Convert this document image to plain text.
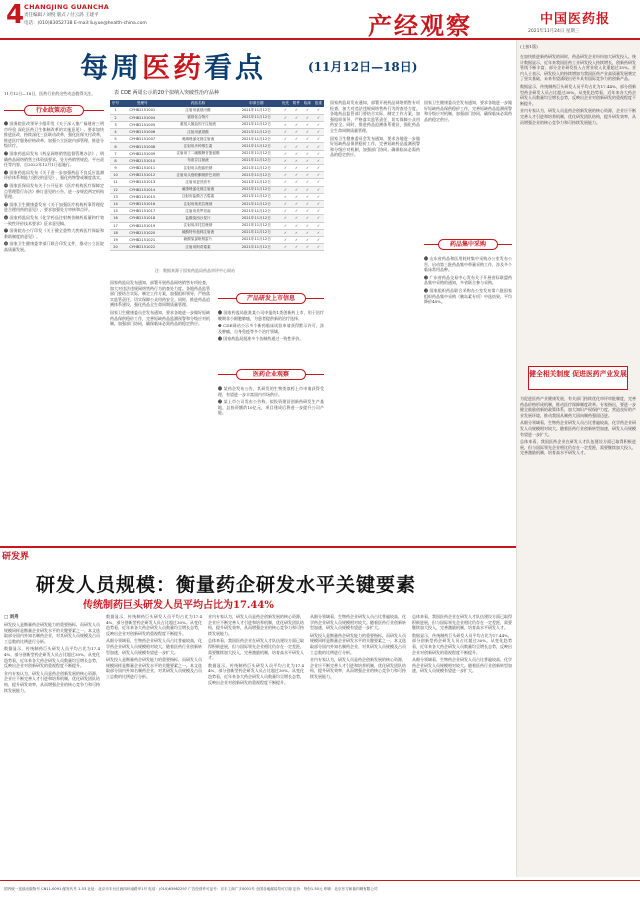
4 CHANGJING GUANCHA
责任编辑 / 刘悦 版式 / 付云鸽 王建平
电话：(010)83052738 E-mail:liuyue@health-china.com	产经观察	中国医药报
2021年11月24日 星期三
每周医药看点	(11月12日—18日)
11月12日—18日，医药行业的这些动态值得关注。
行业政策动态

❶ 国务院医改领导小组印发《关于深入推广福建省三明市经验 深化医药卫生体制改革的实施意见》，要求加快推进医改，持续深化三医联动改革，强化医保支付改革，推进医疗服务价格改革，加强公立医院内部管理，推进分级诊疗。

❷ 国家药监局发布《药品网络销售监督管理办法》，明确药品网络销售主体资质要求、处方药销售规范、平台责任等内容，自2022年12月1日起施行。

❸ 国家药监局发布《关于进一步加强药品不良反应监测评价体系和能力建设的意见》，强化药物警戒制度落实。

❹ 国家医保局发布关于公开征求《医疗机构医疗保障定点管理暂行办法》修订意见的公告，进一步规范两定机构管理。

❺ 国家卫生健康委发布《关于加强医疗机构药事管理促进合理用药的意见》，要求加强处方审核和点评。

❻ 国家药监局发布《化学药品注射剂仿制药质量和疗效一致性评价技术要求》征求意见稿。

❼ 国务院办公厅印发《关于健全重特大疾病医疗保险和救助制度的意见》。

❽ 国家卫生健康委等部门联合印发文件，推动公立医院高质量发展。

表 CDE 两周公示的20个拟纳入突破性治疗品种
序号	受理号	药品名称	申请日期	优先	附件	临床	批准
1	CYHB2151001	注射用氨基丙酸	2021年11月12日	✓	✓	✓	✓
2	CYHB2151004	氨基化合物片	2021年11月12日	✓	✓	✓	✓
3	CYHB2151005	重组人凝血因子注射液	2021年11月12日	✓	✓	✓	✓
4	CYHB2151006	注射用氨基酸	2021年11月12日	✓	✓	✓	✓
5	CYHB2151007	奥硝唑氯化钠注射液	2021年11月12日	✓	✓	✓	✓
6	CYHB2151008	注射用多种维生素	2021年11月12日	✓	✓	✓	✓
7	CYHB2151009	注射用丁二磺酸腺苷蛋氨酸	2021年11月12日	✓	✓	✓	✓
8	CYHB2151010	布洛芬注射液	2021年11月12日	✓	✓	✓	✓
9	CYHB2151011	注射用头孢曲松钠	2021年11月12日	✓	✓	✓	✓
10	CYHB2151012	注射用头孢哌酮钠舒巴坦钠	2021年11月12日	✓	✓	✓	✓
11	CYHB2151013	注射用更昔洛韦	2021年11月12日	✓	✓	✓	✓
12	CYHB2151014	氟康唑氯化钠注射液	2021年11月12日	✓	✓	✓	✓
13	CYHB2151015	注射用盐酸万古霉素	2021年11月12日	✓	✓	✓	✓
14	CYHB2151016	注射用奥美拉唑钠	2021年11月12日	✓	✓	✓	✓
15	CYHB2151017	注射用美罗培南	2021年11月12日	✓	✓	✓	✓
16	CYHB2151018	盐酸莫西沙星片	2021年11月12日	✓	✓	✓	✓
17	CYHB2151019	注射用泮托拉唑钠	2021年11月12日	✓	✓	✓	✓
18	CYHB2151020	硫酸特布他林注射液	2021年11月12日	✓	✓	✓	✓
19	CYHB2151021	硫酸氢氯吡格雷片	2021年11月12日	✓	✓	✓	✓
20	CYHB2151022	注射用阿奇霉素	2021年11月12日	✓	✓	✓	✓
注：数据来源于国家药监局药品审评中心网站

国家药监局发布通知，部署开展药品网络销售专项检查，加大对违法违规网络售药行为的查处力度。各地药品监管部门要结合实际，制定工作方案，加强组织领导，严格落实监管责任，切实保障公众用药安全。同时，推进药品追溯体系建设，强化药品全生命周期质量管理。

国家卫生健康委员会发布通知，要求各地进一步做好短缺药品保供稳价工作，完善短缺药品监测预警和分级应对机制，加强部门协同，确保临床必需药品的稳定供应。

产品研发上市信息

❶ 国家药监局批准某公司申报的1类创新药上市，用于治疗晚期非小细胞肺癌，为患者提供新的治疗选择。

❷ CDE网站公示多个新药临床试验申请获得默示许可，涉及肿瘤、自身免疫等多个治疗领域。

❸ 国家药监局批准多个仿制药通过一致性评价。

医药企业观察

❶ 某药企发布公告，其研发的生物类似药上市申请获得受理，有望进一步丰富国内市场供应。

❷ 某上市公司发布公告称，拟投资建设创新药研发生产基地，总投资额约10亿元，项目建成后将进一步提升公司产能。

国家药监局发布通知，部署开展药品网络销售专项检查，加大对违法违规网络售药行为的查处力度。各地药品监管部门要结合实际，制定工作方案，加强组织领导，严格落实监管责任，切实保障公众用药安全。同时，推进药品追溯体系建设，强化药品全生命周期质量管理。

国家卫生健康委员会发布通知，要求各地进一步做好短缺药品保供稳价工作，完善短缺药品监测预警和分级应对机制，加强部门协同，确保临床必需药品的稳定供应。

药品集中采购

国家卫生健康委员会发布通知，要求各地进一步做好短缺药品保供稳价工作，完善短缺药品监测预警和分级应对机制，加强部门协同，确保临床必需药品的稳定供应。

❶ 山东省药品和医用耗材集中采购办公室发布公告，启动第三批药品集中带量采购工作，涉及多个临床常用品种。

❷ 广东省药品交易中心发布关于开展省际联盟药品集中采购的通知，多省联合参与采购。

❸ 国家组织药品联合采购办公室发布第六批国家组织药品集中采购（胰岛素专项）中选结果，平均降价48%。

(上接1版)

在加快推进新药研发的同时，药品研发企业纷纷加大研发投入。统计数据显示，近年来我国医药工业研发投入持续增长，创新药研发管线不断丰富，部分企业研发投入占营业收入比重超过15%。业内人士表示，研发投入的持续增加为我国医药产业高质量发展奠定了坚实基础，未来有望涌现出更多具有国际竞争力的创新产品。

数据显示，传统制药巨头研发人员平均占比为17.44%，部分创新型药企研发人员占比超过30%。从变化趋势看，近年来各大药企研发人员数量均呈增长态势，反映出企业对创新研发的重视程度不断提升。

业内专家认为，研发人员是药企创新发展的核心资源，企业应不断完善人才引进和培养机制，优化研发团队结构，提升研发效率，从而增强企业的核心竞争力和可持续发展能力。

健全相关制度 促进医药产业发展

为促进医药产业健康发展，有关部门持续优化审评审批制度，完善药品价格形成机制，推动医疗保障制度改革。专家指出，要进一步健全鼓励创新的政策体系，加大知识产权保护力度，营造良好的产业发展环境，推动我国从制药大国向制药强国迈进。

从细分领域看，生物药企业研发人员占比普遍较高，化学药企业研发人员规模相对较大。随着医药行业创新转型加速，研发人员规模有望进一步扩大。

总体来看，我国医药企业在研发人才队伍建设方面已取得积极进展，但与国际领先企业相比仍存在一定差距，需要继续加大投入，完善激励机制，培育高水平研发人才。

研发界
研发人员规模：衡量药企研发水平关键要素
传统制药巨头研发人员平均占比为17.44%
□ 刘舟

研发投入是衡量药企研发能力的重要指标，而研发人员规模同样是衡量企业研发水平的关键要素之一。本文选取部分国内外知名制药企业，对其研发人员规模及占员工总数的比例进行分析。

数据显示，传统制药巨头研发人员平均占比为17.44%，部分创新型药企研发人员占比超过30%。从变化趋势看，近年来各大药企研发人员数量均呈增长态势，反映出企业对创新研发的重视程度不断提升。

业内专家认为，研发人员是药企创新发展的核心资源，企业应不断完善人才引进和培养机制，优化研发团队结构，提升研发效率，从而增强企业的核心竞争力和可持续发展能力。

数据显示，传统制药巨头研发人员平均占比为17.44%，部分创新型药企研发人员占比超过30%。从变化趋势看，近年来各大药企研发人员数量均呈增长态势，反映出企业对创新研发的重视程度不断提升。

从细分领域看，生物药企业研发人员占比普遍较高，化学药企业研发人员规模相对较大。随着医药行业创新转型加速，研发人员规模有望进一步扩大。

研发投入是衡量药企研发能力的重要指标，而研发人员规模同样是衡量企业研发水平的关键要素之一。本文选取部分国内外知名制药企业，对其研发人员规模及占员工总数的比例进行分析。

业内专家认为，研发人员是药企创新发展的核心资源，企业应不断完善人才引进和培养机制，优化研发团队结构，提升研发效率，从而增强企业的核心竞争力和可持续发展能力。

总体来看，我国医药企业在研发人才队伍建设方面已取得积极进展，但与国际领先企业相比仍存在一定差距，需要继续加大投入，完善激励机制，培育高水平研发人才。

数据显示，传统制药巨头研发人员平均占比为17.44%，部分创新型药企研发人员占比超过30%。从变化趋势看，近年来各大药企研发人员数量均呈增长态势，反映出企业对创新研发的重视程度不断提升。

从细分领域看，生物药企业研发人员占比普遍较高，化学药企业研发人员规模相对较大。随着医药行业创新转型加速，研发人员规模有望进一步扩大。

研发投入是衡量药企研发能力的重要指标，而研发人员规模同样是衡量企业研发水平的关键要素之一。本文选取部分国内外知名制药企业，对其研发人员规模及占员工总数的比例进行分析。

业内专家认为，研发人员是药企创新发展的核心资源，企业应不断完善人才引进和培养机制，优化研发团队结构，提升研发效率，从而增强企业的核心竞争力和可持续发展能力。

总体来看，我国医药企业在研发人才队伍建设方面已取得积极进展，但与国际领先企业相比仍存在一定差距，需要继续加大投入，完善激励机制，培育高水平研发人才。

数据显示，传统制药巨头研发人员平均占比为17.44%，部分创新型药企研发人员占比超过30%。从变化趋势看，近年来各大药企研发人员数量均呈增长态势，反映出企业对创新研发的重视程度不断提升。

从细分领域看，生物药企业研发人员占比普遍较高，化学药企业研发人员规模相对较大。随着医药行业创新转型加速，研发人员规模有望进一步扩大。

国内统一连续出版物号 CN11-0091 邮发代号 1-53 社址：北京市丰台区西四环南路甲1号 电话：(010)63982297 广告经营许可证号：京丰工商广字0001号 全国各地邮局均可订阅 定价：每份1.50元 印刷：北京东方和谐印刷有限公司
